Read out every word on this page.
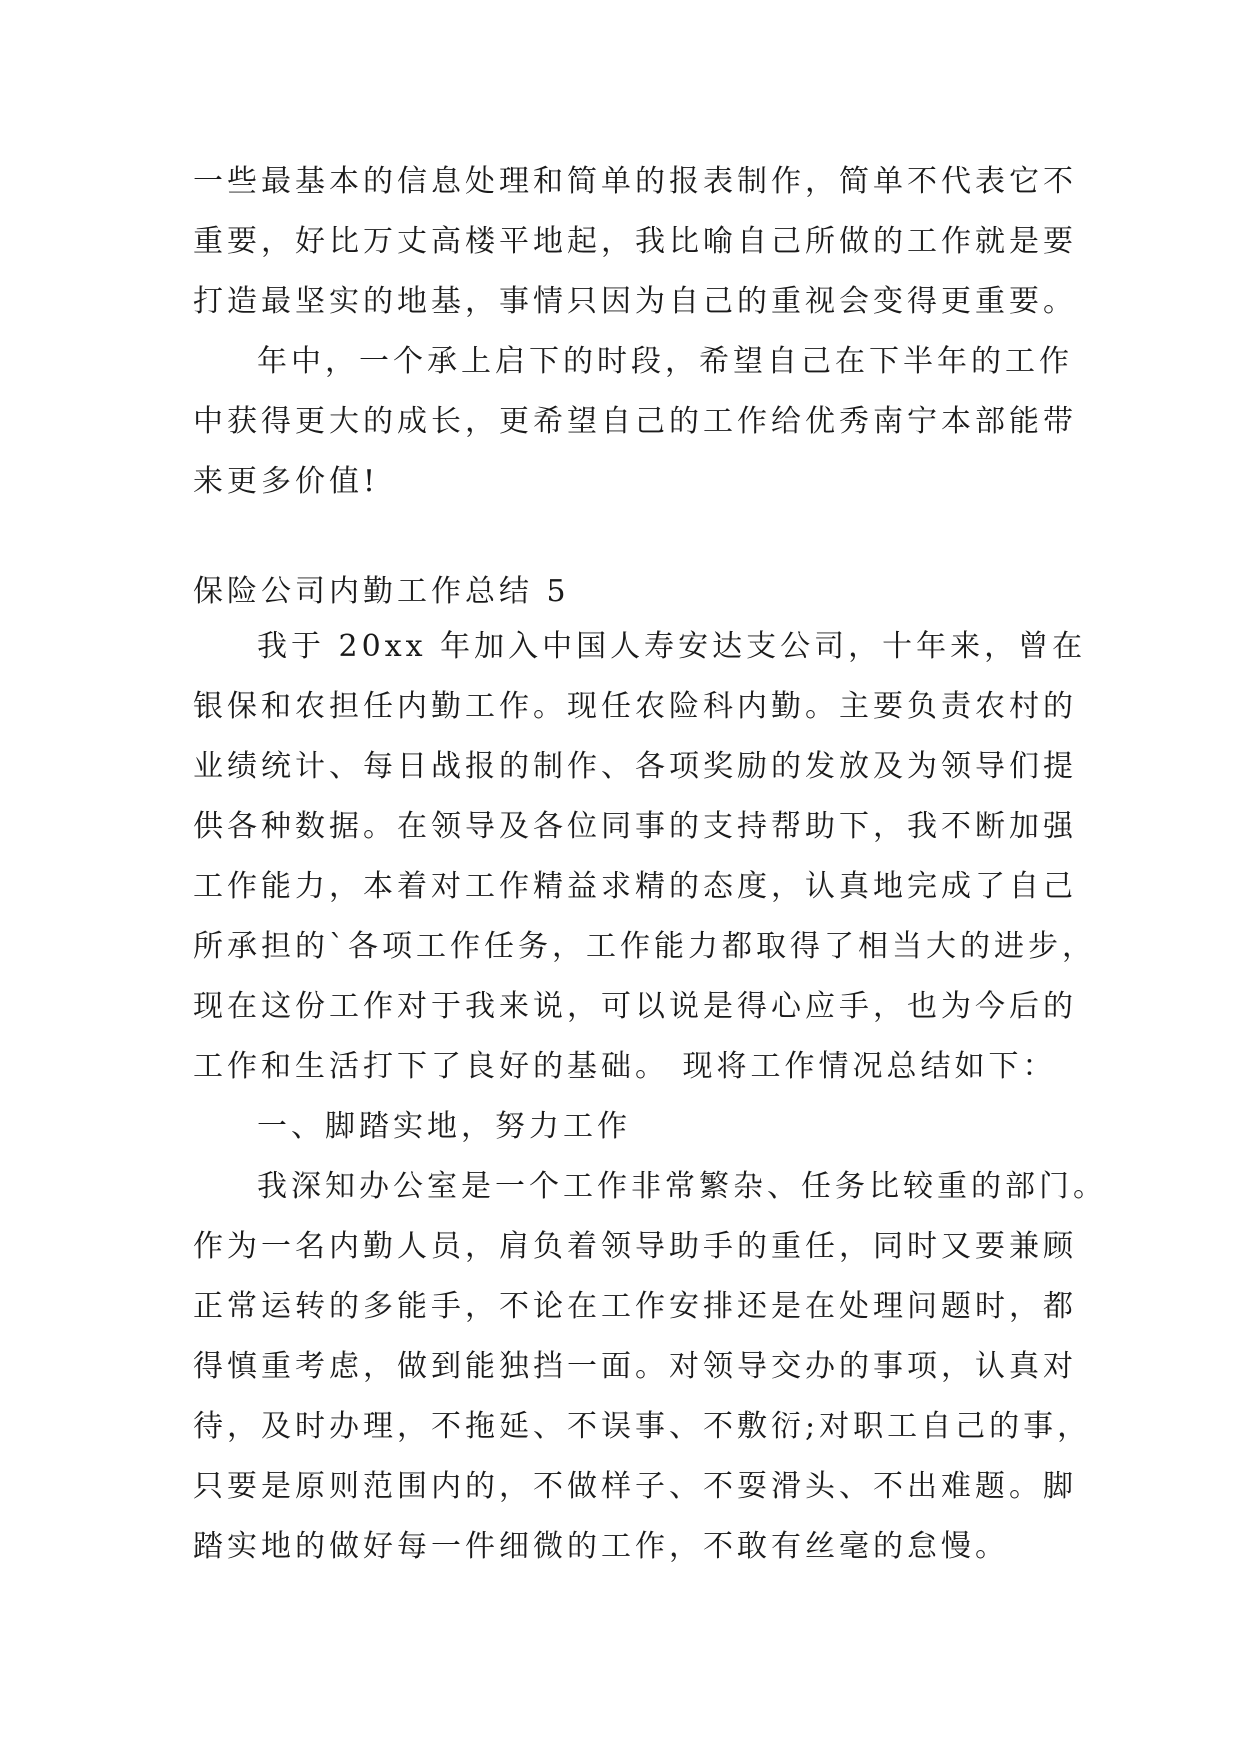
一些最基本的信息处理和简单的报表制作，简单不代表它不
重要，好比万丈高楼平地起，我比喻自己所做的工作就是要
打造最坚实的地基，事情只因为自己的重视会变得更重要。
年中，一个承上启下的时段，希望自己在下半年的工作
中获得更大的成长，更希望自己的工作给优秀南宁本部能带
来更多价值!
保险公司内勤工作总结 5
我于 20xx 年加入中国人寿安达支公司，十年来，曾在
银保和农担任内勤工作。现任农险科内勤。主要负责农村的
业绩统计、每日战报的制作、各项奖励的发放及为领导们提
供各种数据。在领导及各位同事的支持帮助下，我不断加强
工作能力，本着对工作精益求精的态度，认真地完成了自己
所承担的`各项工作任务，工作能力都取得了相当大的进步，
现在这份工作对于我来说，可以说是得心应手，也为今后的
工作和生活打下了良好的基础。 现将工作情况总结如下：
一、脚踏实地，努力工作
我深知办公室是一个工作非常繁杂、任务比较重的部门。
作为一名内勤人员，肩负着领导助手的重任，同时又要兼顾
正常运转的多能手，不论在工作安排还是在处理问题时，都
得慎重考虑，做到能独挡一面。对领导交办的事项，认真对
待，及时办理，不拖延、不误事、不敷衍;对职工自己的事，
只要是原则范围内的，不做样子、不耍滑头、不出难题。脚
踏实地的做好每一件细微的工作，不敢有丝毫的怠慢。
